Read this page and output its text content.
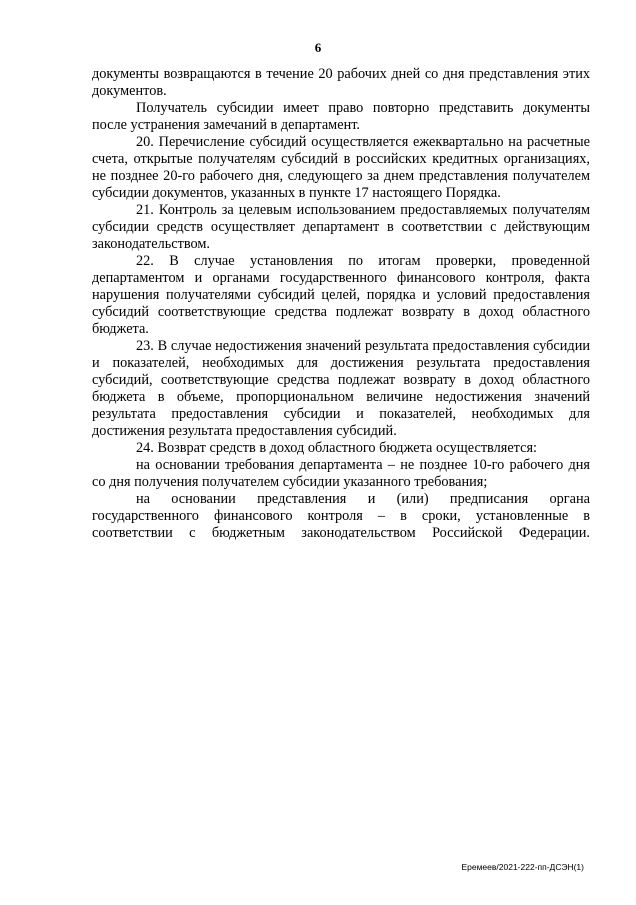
6

документы возвращаются в течение 20 рабочих дней со дня представления этих документов.

Получатель субсидии имеет право повторно представить документы после устранения замечаний в департамент.

20. Перечисление субсидий осуществляется ежеквартально на расчетные счета, открытые получателям субсидий в российских кредитных организациях, не позднее 20-го рабочего дня, следующего за днем представления получателем субсидии документов, указанных в пункте 17 настоящего Порядка.

21. Контроль за целевым использованием предоставляемых получателям субсидии средств осуществляет департамент в соответствии с действующим законодательством.

22. В случае установления по итогам проверки, проведенной департаментом и органами государственного финансового контроля, факта нарушения получателями субсидий целей, порядка и условий предоставления субсидий соответствующие средства подлежат возврату в доход областного бюджета.

23. В случае недостижения значений результата предоставления субсидии и показателей, необходимых для достижения результата предоставления субсидий, соответствующие средства подлежат возврату в доход областного бюджета в объеме, пропорциональном величине недостижения значений результата предоставления субсидии и показателей, необходимых для достижения результата предоставления субсидий.

24. Возврат средств в доход областного бюджета осуществляется:

на основании требования департамента – не позднее 10-го рабочего дня со дня получения получателем субсидии указанного требования;

на основании представления и (или) предписания органа государственного финансового контроля – в сроки, установленные в соответствии с бюджетным законодательством Российской Федерации.

Еремеев/2021-222-пп-ДСЭН(1)
